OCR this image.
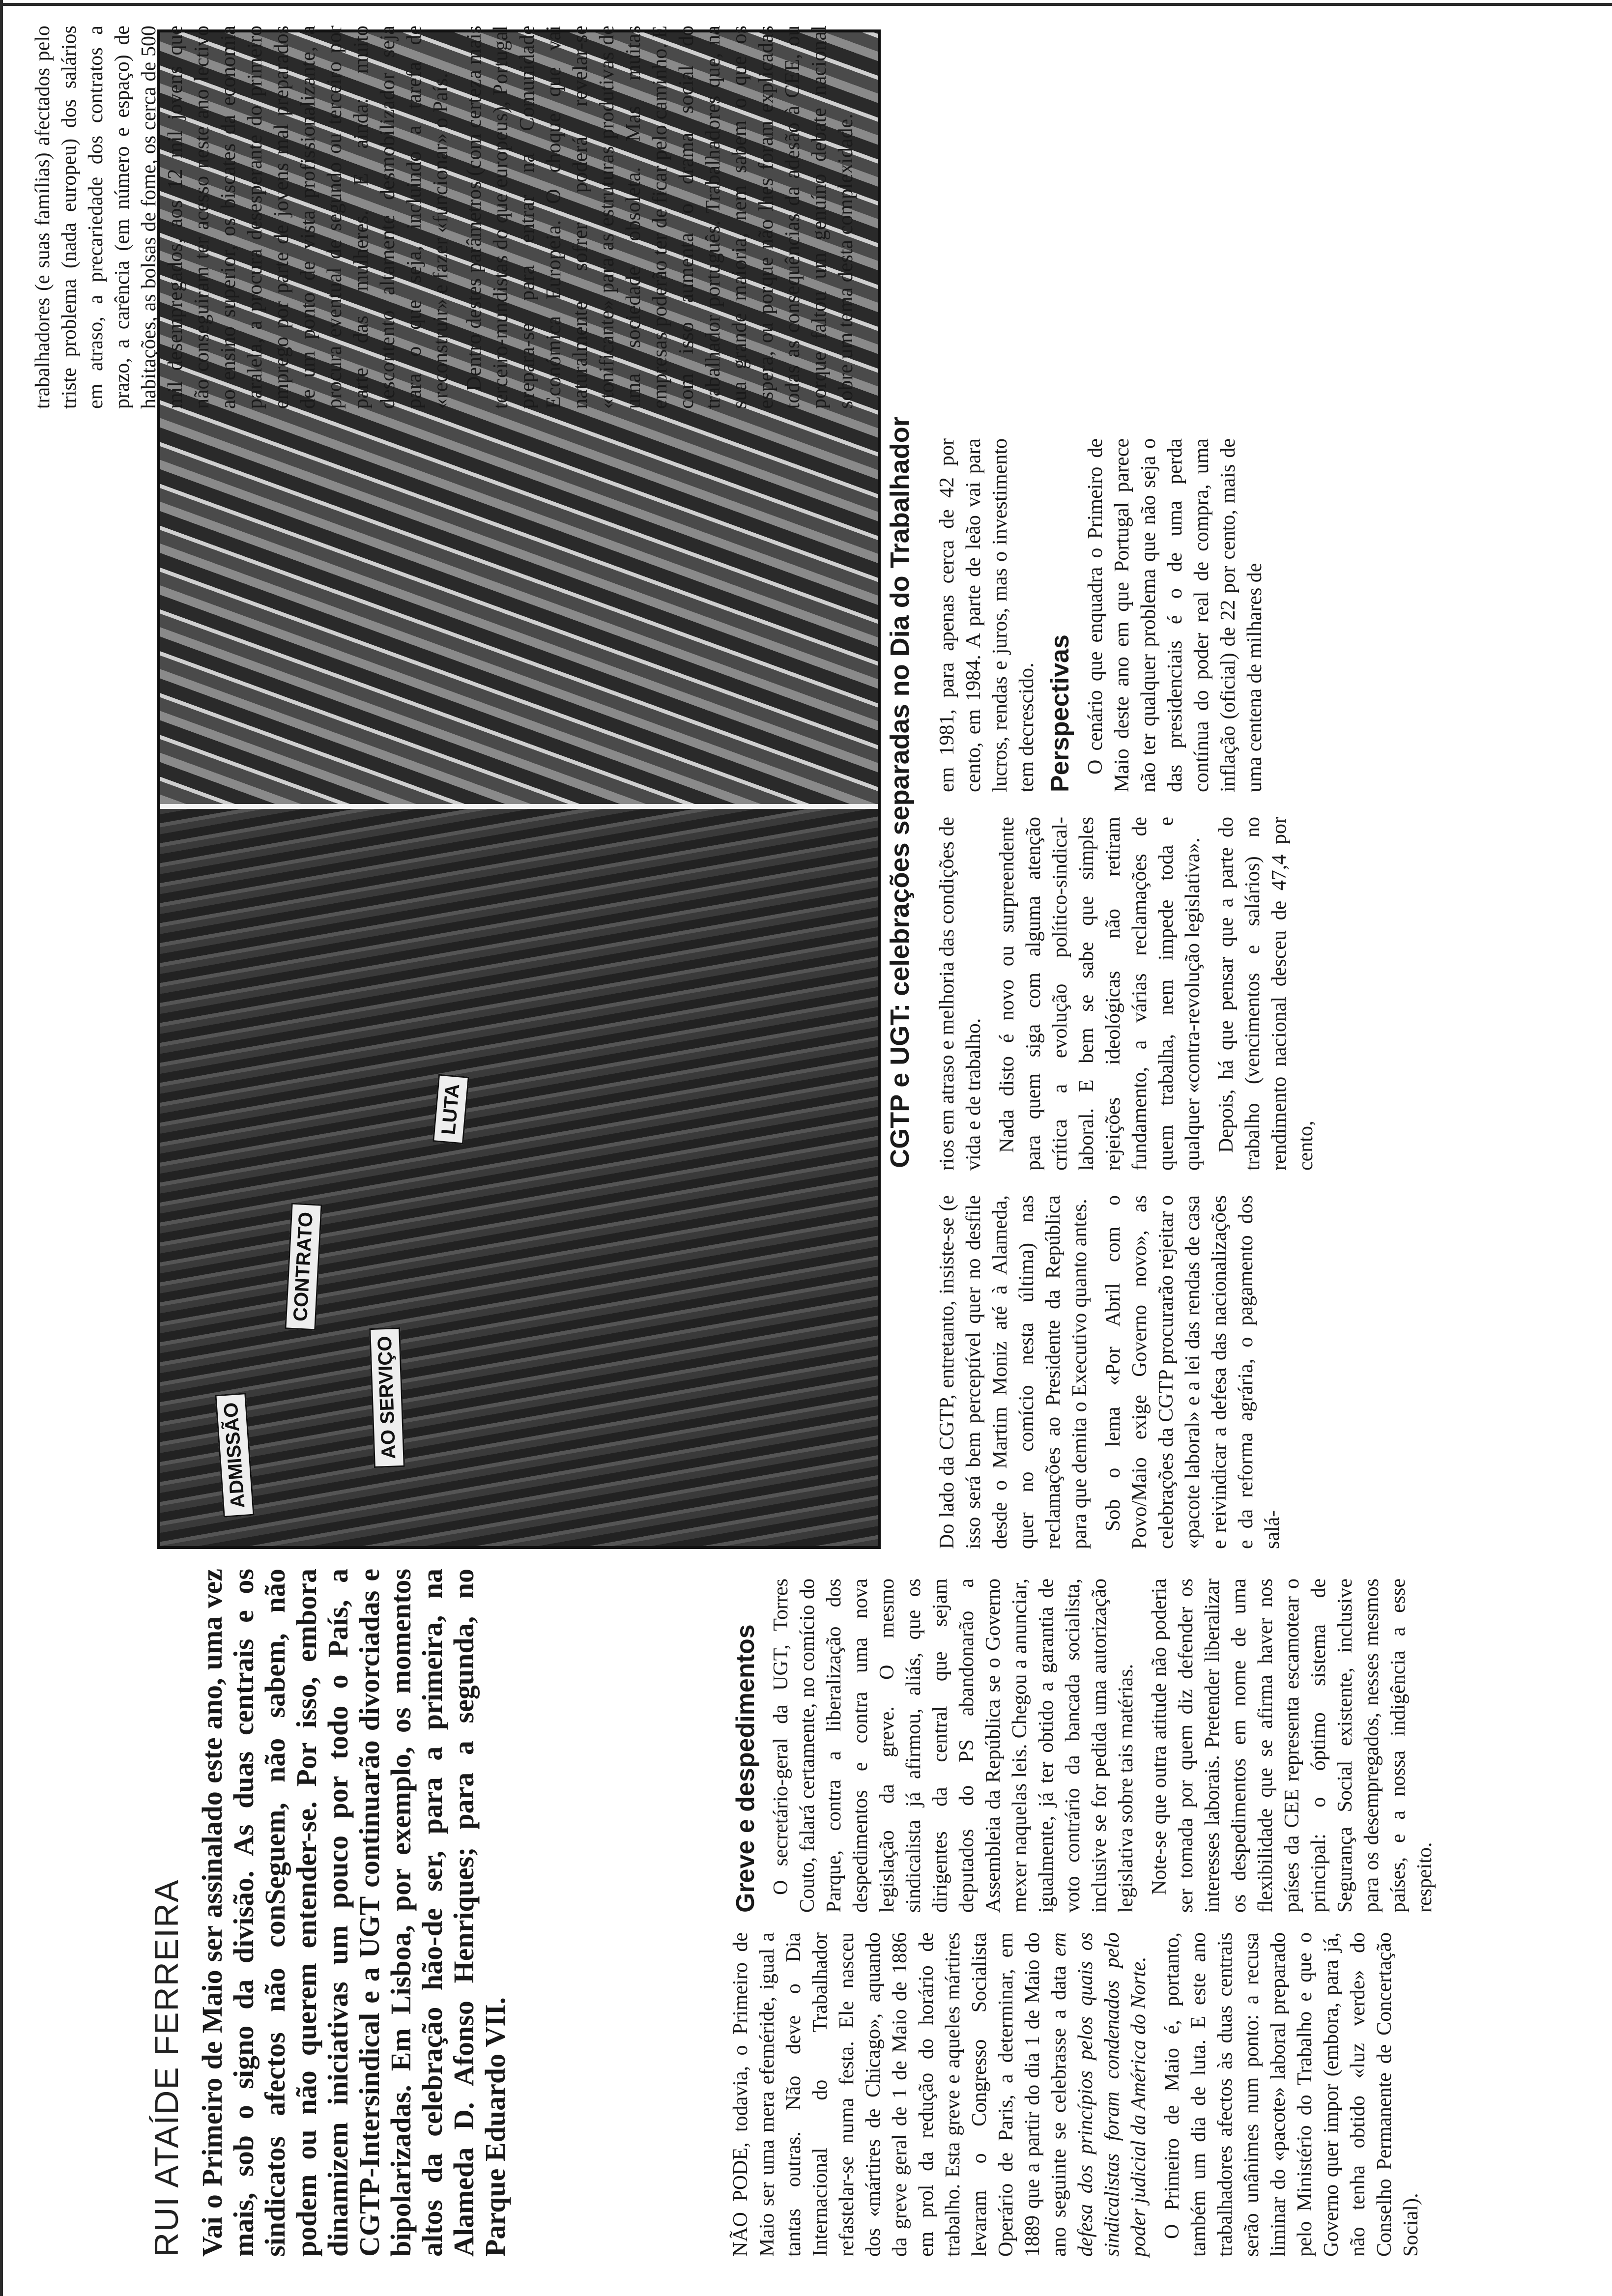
RUI ATAÍDE FERREIRA Vai o Primeiro de Maio ser assinalado este ano, uma vez mais, sob o signo da divisão. As duas centrais e os sindicatos afectos não conSeguem, não sabem, não podem ou não querem entender-se. Por isso, embora dinamizem iniciativas um pouco por todo o País, a CGTP-Intersindical e a UGT continuarão divorciadas e bipolarizadas. Em Lisboa, por exemplo, os momentos altos da celebração hão-de ser, para a primeira, na Alameda D. Afonso Henriques; para a segunda, no Parque Eduardo VII.	NÃO PODE, todavia, o Primeiro de Maio ser uma mera efeméride, igual a tantas outras. Não deve o Dia Internacional do Trabalhador refastelar-se numa festa. Ele nasceu dos «mártires de Chicago», aquando da greve geral de 1 de Maio de 1886 em prol da redução do horário de trabalho. Esta greve e aqueles mártires levaram o Congresso Socialista Operário de Paris, a determinar, em 1889 que a partir do dia 1 de Maio do ano seguinte se celebrasse a data em defesa dos princípios pelos quais os sindicalistas foram condenados pelo poder judicial da América do Norte. O Primeiro de Maio é, portanto, também um dia de luta. E este ano trabalhadores afectos às duas centrais serão unânimes num ponto: a recusa liminar do «pacote» laboral preparado pelo Ministério do Trabalho e que o Governo quer impor (embora, para já, não tenha obtido «luz verde» do Conselho Permanente de Concertação Social).

Greve e despedimentos O secretário-geral da UGT, Torres Couto, falará certamente, no comício do Parque, contra a liberalização dos despedimentos e contra uma nova legislação da greve. O mesmo sindicalista já afirmou, aliás, que os dirigentes da central que sejam deputados do PS abandonarão a Assembleia da República se o Governo mexer naquelas leis. Chegou a anunciar, igualmente, já ter obtido a garantia de voto contrário da bancada socialista, inclusive se for pedida uma autorização legislativa sobre tais matérias. Note-se que outra atitude não poderia ser tomada por quem diz defender os interesses laborais. Pretender liberalizar os despedimentos em nome de uma flexibilidade que se afirma haver nos países da CEE representa escamotear o principal: o óptimo sistema de Segurança Social existente, inclusive para os desempregados, nesses mesmos países, e a nossa indigência a esse respeito.

ADMISSÃO
CONTRATO
AO SERVIÇO
LUTA	CGTP e UGT: celebrações separadas no Dia do Trabalhador

Do lado da CGTP, entretanto, insiste-se (e isso será bem perceptível quer no desfile desde o Martim Moniz até à Alameda, quer no comício nesta última) nas reclamações ao Presidente da República para que demita o Executivo quanto antes. Sob o lema «Por Abril com o Povo/Maio exige Governo novo», as celebrações da CGTP procurarão rejeitar o «pacote laboral» e a lei das rendas de casa e reivindicar a defesa das nacionalizações e da reforma agrária, o pagamento dos salá-

rios em atraso e melhoria das condições de vida e de trabalho. Nada disto é novo ou surpreendente para quem siga com alguma atenção crítica a evolução político-sindical-laboral. E bem se sabe que simples rejeições ideológicas não retiram fundamento, a várias reclamações de quem trabalha, nem impede toda e qualquer «contra-revolução legislativa». Depois, há que pensar que a parte do trabalho (vencimentos e salários) no rendimento nacional desceu de 47,4 por cento,

em 1981, para apenas cerca de 42 por cento, em 1984. A parte de leão vai para lucros, rendas e juros, mas o investimento tem decrescido. Perspectivas O cenário que enquadra o Primeiro de Maio deste ano em que Portugal parece não ter qualquer problema que não seja o das presidenciais é o de uma perda contínua do poder real de compra, uma inflação (oficial) de 22 por cento, mais de uma centena de milhares de

trabalhadores (e suas famílias) afectados pelo triste problema (nada europeu) dos salários em atraso, a precariedade dos contratos a prazo, a carência (em número e espaço) de habitações, as bolsas de fome, os cerca de 500 mil desempregados, aos 12 mil jovens que não conseguiram ter acesso neste ano lectivo ao ensino superior, os biscates da economia paralela, a procura desesperante do primeiro emprego por parte de jovens mal preparados de um ponto de vista profissionalizante, a procura eventual de segundo ou terceiro por parte das mulheres. E ainda: muito descontento altamente desmobilizador seja para o que seja, incluindo a tarefa de «reconstruir» e fazer «funcionar» o País. Dentro destes parâmetros (com certeza mais terceiro-mundistas do que europeus), Portugal prepara-se para entrar na Comunidade Económica Europeia. O choque que vai naturalmente sofrer poderá revelar-se «tonificante» para as estruturas produtivas de uma sociedade obsoleta. Mas muitas empresas poderão ter de ficar pelo caminho. E com isso aumenta o drama social do trabalhador português. Trabalhadores que, na sua grande maioria, nem sabem o que os espera, ou porque não lhes foram explicadas todas as consequências da adesão à CEE, ou porque faltou um genuíno debate nacional sobre um tema desta complexidade.
